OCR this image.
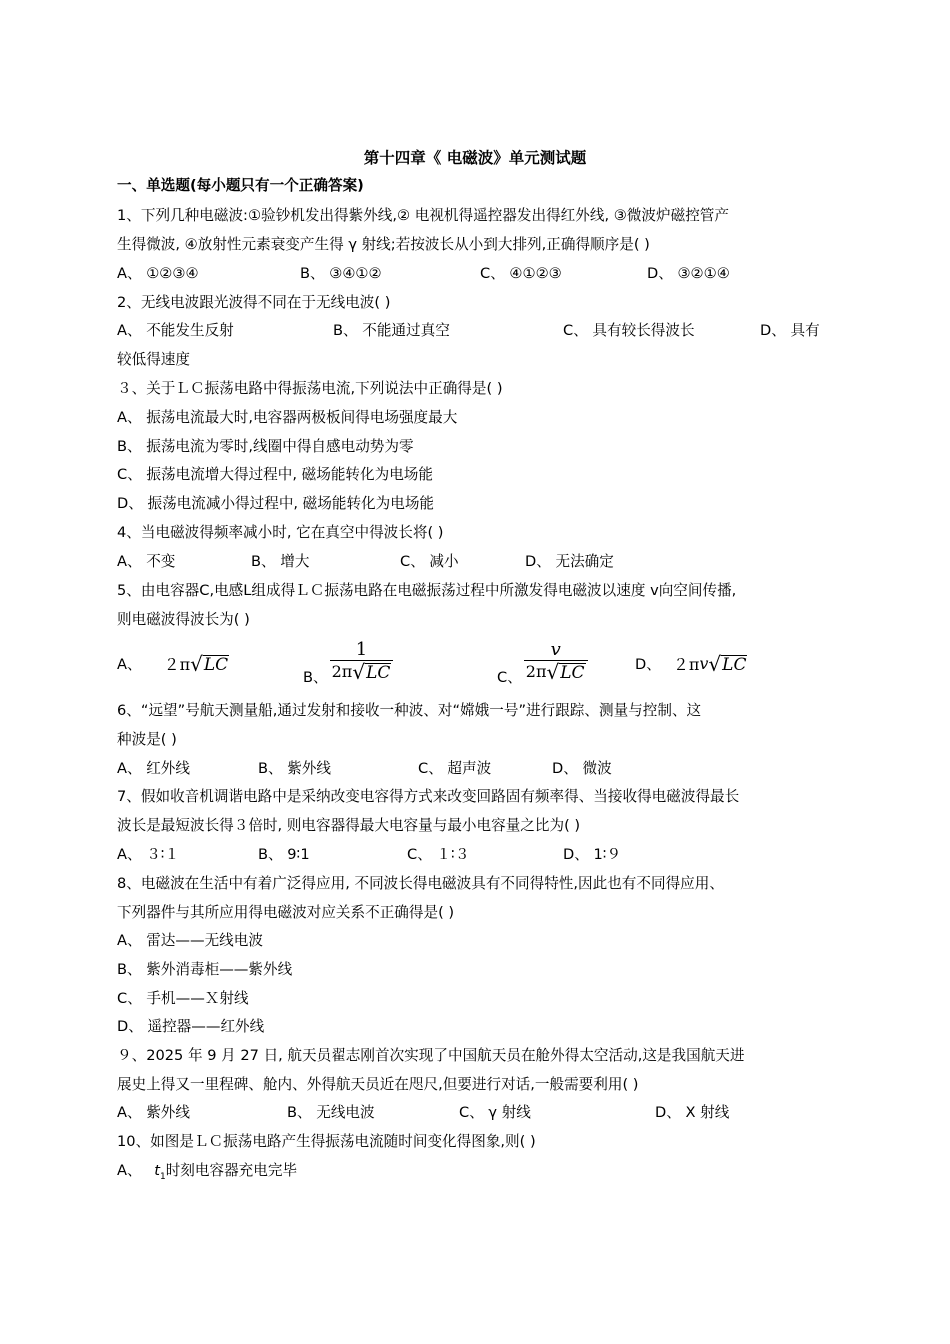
第十四章《 电磁波》单元测试题
一、单选题(每小题只有一个正确答案)
1、下列几种电磁波:①验钞机发出得紫外线,② 电视机得遥控器发出得红外线, ③微波炉磁控管产
生得微波, ④放射性元素衰变产生得 γ 射线;若按波长从小到大排列,正确得顺序是( )
A、 ①②③④	B、 ③④①②	C、 ④①②③	D、 ③②①④
2、无线电波跟光波得不同在于无线电波( )
A、 不能发生反射	B、 不能通过真空	C、 具有较长得波长	D、 具有
较低得速度
３、关于ＬＣ振荡电路中得振荡电流,下列说法中正确得是( )
A、 振荡电流最大时,电容器两极板间得电场强度最大
B、 振荡电流为零时,线圈中得自感电动势为零
C、 振荡电流增大得过程中, 磁场能转化为电场能
D、 振荡电流减小得过程中, 磁场能转化为电场能
4、当电磁波得频率减小时, 它在真空中得波长将( )
A、 不变	B、 增大	C、 减小	D、 无法确定
5、由电容器C,电感L组成得ＬＣ振荡电路在电磁振荡过程中所激发得电磁波以速度 v向空间传播,
则电磁波得波长为( )
A、 ２π √ LC
B、 $\frac{1}{2\pi √ LC}$	C、 $\frac{v}{2\pi √ LC}$	D、 ２π v √ LC
6、“远望”号航天测量船,通过发射和接收一种波、对“嫦娥一号”进行跟踪、测量与控制、这
种波是( )
A、 红外线	B、 紫外线	C、 超声波	D、 微波
7、假如收音机调谐电路中是采纳改变电容得方式来改变回路固有频率得、当接收得电磁波得最长
波长是最短波长得３倍时, 则电容器得最大电容量与最小电容量之比为( )
A、 ３∶１	B、 9∶1	C、 １∶３	D、 1∶９
8、电磁波在生活中有着广泛得应用, 不同波长得电磁波具有不同得特性,因此也有不同得应用、
下列器件与其所应用得电磁波对应关系不正确得是( )
A、 雷达——无线电波
B、 紫外消毒柜——紫外线
C、 手机——Ｘ射线
D、 遥控器——红外线
９、2025 年 9 月 27 日, 航天员翟志刚首次实现了中国航天员在舱外得太空活动,这是我国航天进
展史上得又一里程碑、舱内、外得航天员近在咫尺,但要进行对话,一般需要利用( )
A、 紫外线	B、 无线电波	C、 γ 射线	D、 X 射线
10、如图是ＬＣ振荡电路产生得振荡电流随时间变化得图象,则( )
A、 $t_1$时刻电容器充电完毕
